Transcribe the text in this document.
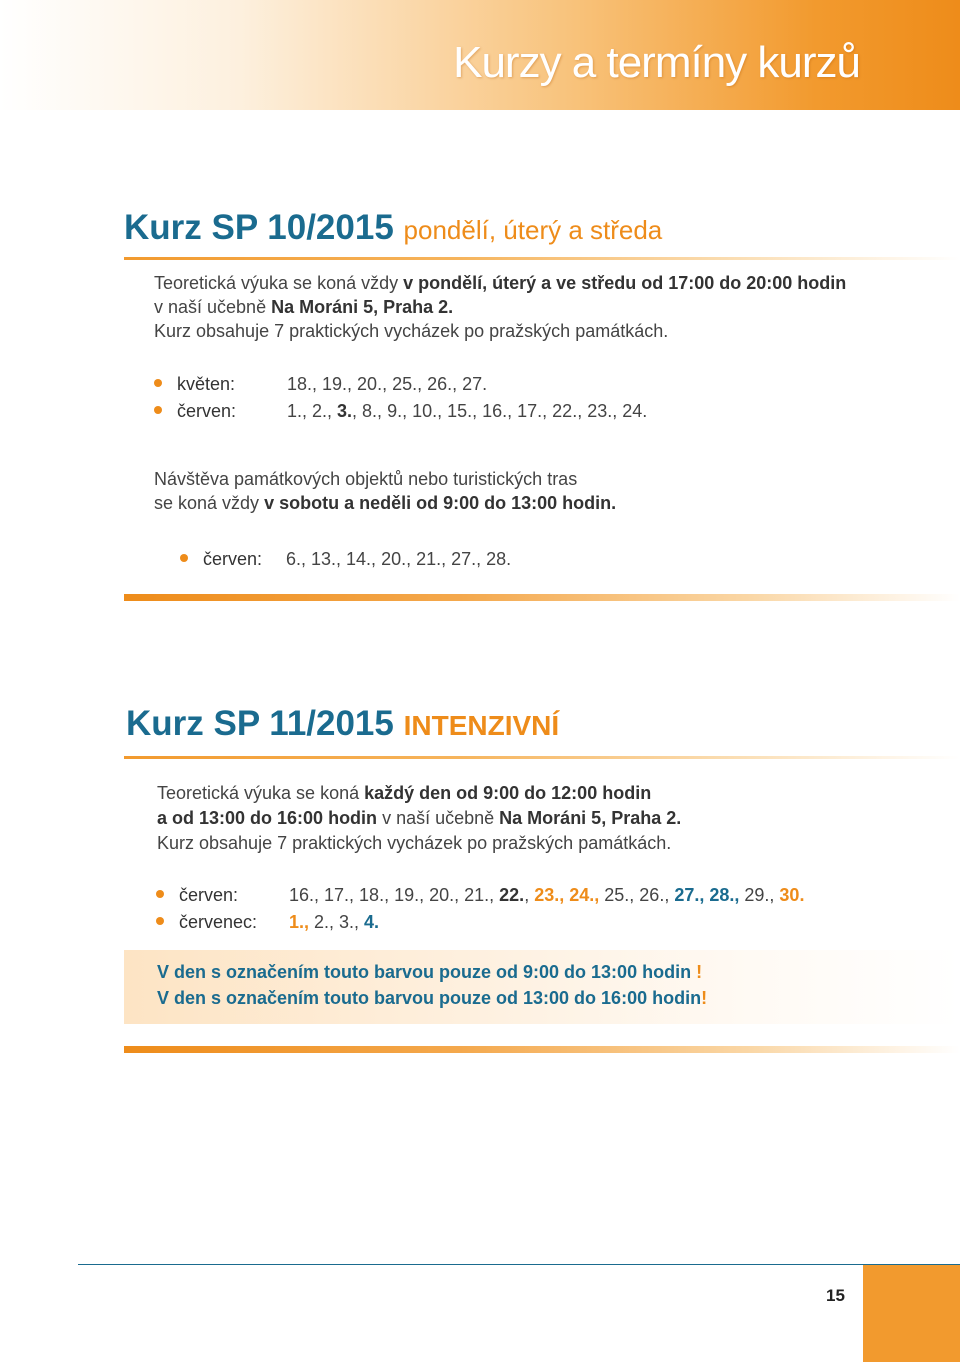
Kurzy a termíny kurzů
Kurz SP 10/2015 pondělí, úterý a středa
Teoretická výuka se koná vždy v pondělí, úterý a ve středu od 17:00 do 20:00 hodin
v naší učebně Na Moráni 5, Praha 2.
Kurz obsahuje 7 praktických vycházek po pražských památkách.
květen:	18., 19., 20., 25., 26., 27.
červen:	1., 2., 3., 8., 9., 10., 15., 16., 17., 22., 23., 24.
Návštěva památkových objektů nebo turistických tras
se koná vždy v sobotu a neděli od 9:00 do 13:00 hodin.
červen: 6., 13., 14., 20., 21., 27., 28.
Kurz SP 11/2015 INTENZIVNÍ
Teoretická výuka se koná každý den od 9:00 do 12:00 hodin
a od 13:00 do 16:00 hodin v naší učebně Na Moráni 5, Praha 2.
Kurz obsahuje 7 praktických vycházek po pražských památkách.
červen:	16., 17., 18., 19., 20., 21., 22., 23., 24., 25., 26., 27., 28., 29., 30.
červenec: 1., 2., 3., 4.
V den s označením touto barvou pouze od 9:00 do 13:00 hodin !
V den s označením touto barvou pouze od 13:00 do 16:00 hodin!
15
